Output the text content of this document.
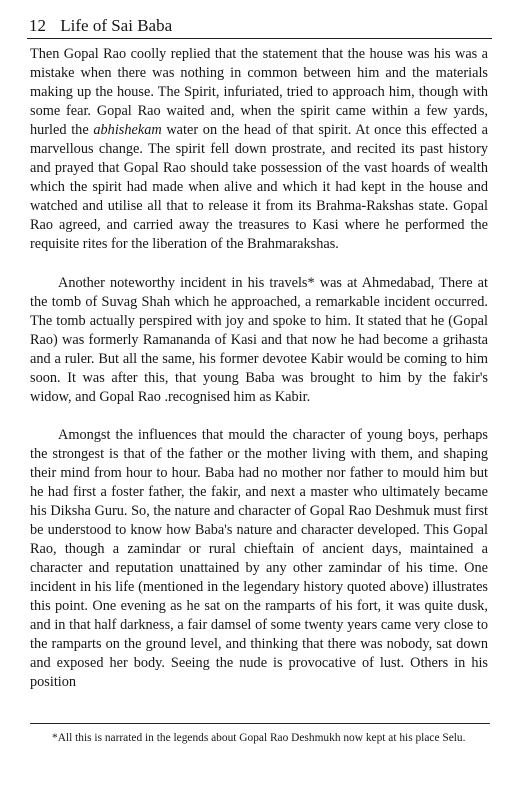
12 Life of Sai Baba

Then Gopal Rao coolly replied that the statement that the house was his was a mistake when there was nothing in common between him and the materials making up the house. The Spirit, infuriated, tried to approach him, though with some fear. Gopal Rao waited and, when the spirit came within a few yards, hurled the abhishekam water on the head of that spirit. At once this effected a marvellous change. The spirit fell down prostrate, and recited its past history and prayed that Gopal Rao should take possession of the vast hoards of wealth which the spirit had made when alive and which it had kept in the house and watched and utilise all that to release it from its Brahma-Rakshas state. Gopal Rao agreed, and carried away the treasures to Kasi where he performed the requisite rites for the liberation of the Brahmarakshas.

Another noteworthy incident in his travels* was at Ahmedabad, There at the tomb of Suvag Shah which he approached, a remarkable incident occurred. The tomb actually perspired with joy and spoke to him. It stated that he (Gopal Rao) was formerly Ramananda of Kasi and that now he had become a grihasta and a ruler. But all the same, his former devotee Kabir would be coming to him soon. It was after this, that young Baba was brought to him by the fakir's widow, and Gopal Rao .recognised him as Kabir.

Amongst the influences that mould the character of young boys, perhaps the strongest is that of the father or the mother living with them, and shaping their mind from hour to hour. Baba had no mother nor father to mould him but he had first a foster father, the fakir, and next a master who ultimately became his Diksha Guru. So, the nature and character of Gopal Rao Deshmuk must first be understood to know how Baba's nature and character developed. This Gopal Rao, though a zamindar or rural chieftain of ancient days, maintained a character and reputation unattained by any other zamindar of his time. One incident in his life (mentioned in the legendary history quoted above) illustrates this point. One evening as he sat on the ramparts of his fort, it was quite dusk, and in that half darkness, a fair damsel of some twenty years came very close to the ramparts on the ground level, and thinking that there was nobody, sat down and exposed her body. Seeing the nude is provocative of lust. Others in his position

*All this is narrated in the legends about Gopal Rao Deshmukh now kept at his place Selu.
